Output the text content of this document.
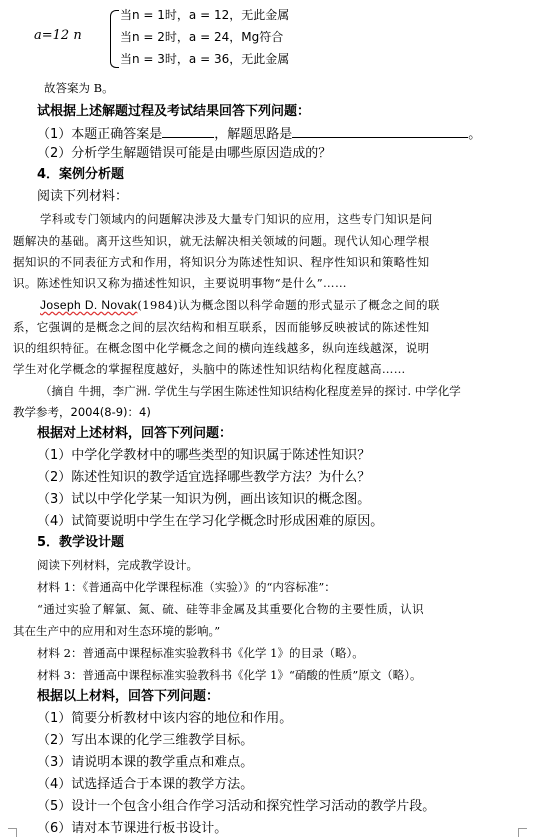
a=12 n
当n = 1时，a = 12，无此金属
当n = 2时，a = 24，Mg符合
当n = 3时，a = 36，无此金属
故答案为 B。
试根据上述解题过程及考试结果回答下列问题：
（1）本题正确答案是	，解题思路是	。
（2）分析学生解题错误可能是由哪些原因造成的？
4．案例分析题
阅读下列材料：
学科或专门领域内的问题解决涉及大量专门知识的应用，这些专门知识是问
题解决的基础。离开这些知识，就无法解决相关领域的问题。现代认知心理学根
据知识的不同表征方式和作用，将知识分为陈述性知识、程序性知识和策略性知
识。陈述性知识又称为描述性知识，主要说明事物“是什么”……
Joseph D. Novak(1984)认为概念图以科学命题的形式显示了概念之间的联
系，它强调的是概念之间的层次结构和相互联系，因而能够反映被试的陈述性知
识的组织特征。在概念图中化学概念之间的横向连线越多，纵向连线越深，说明
学生对化学概念的掌握程度越好，头脑中的陈述性知识结构化程度越高……
（摘自 牛拥，李广洲. 学优生与学困生陈述性知识结构化程度差异的探讨. 中学化学
教学参考，2004(8-9)：4)
根据对上述材料，回答下列问题：
（1）中学化学教材中的哪些类型的知识属于陈述性知识？
（2）陈述性知识的教学适宜选择哪些教学方法？为什么？
（3）试以中学化学某一知识为例，画出该知识的概念图。
（4）试简要说明中学生在学习化学概念时形成困难的原因。
5．教学设计题
阅读下列材料，完成教学设计。
材料 1：《普通高中化学课程标准（实验）》的“内容标准”：
“通过实验了解氯、氮、硫、硅等非金属及其重要化合物的主要性质，认识
其在生产中的应用和对生态环境的影响。”
材料 2：普通高中课程标准实验教科书《化学 1》的目录（略）。
材料 3：普通高中课程标准实验教科书《化学 1》“硝酸的性质”原文（略）。
根据以上材料，回答下列问题：
（1）简要分析教材中该内容的地位和作用。
（2）写出本课的化学三维教学目标。
（3）请说明本课的教学重点和难点。
（4）试选择适合于本课的教学方法。
（5）设计一个包含小组合作学习活动和探究性学习活动的教学片段。
（6）请对本节课进行板书设计。
